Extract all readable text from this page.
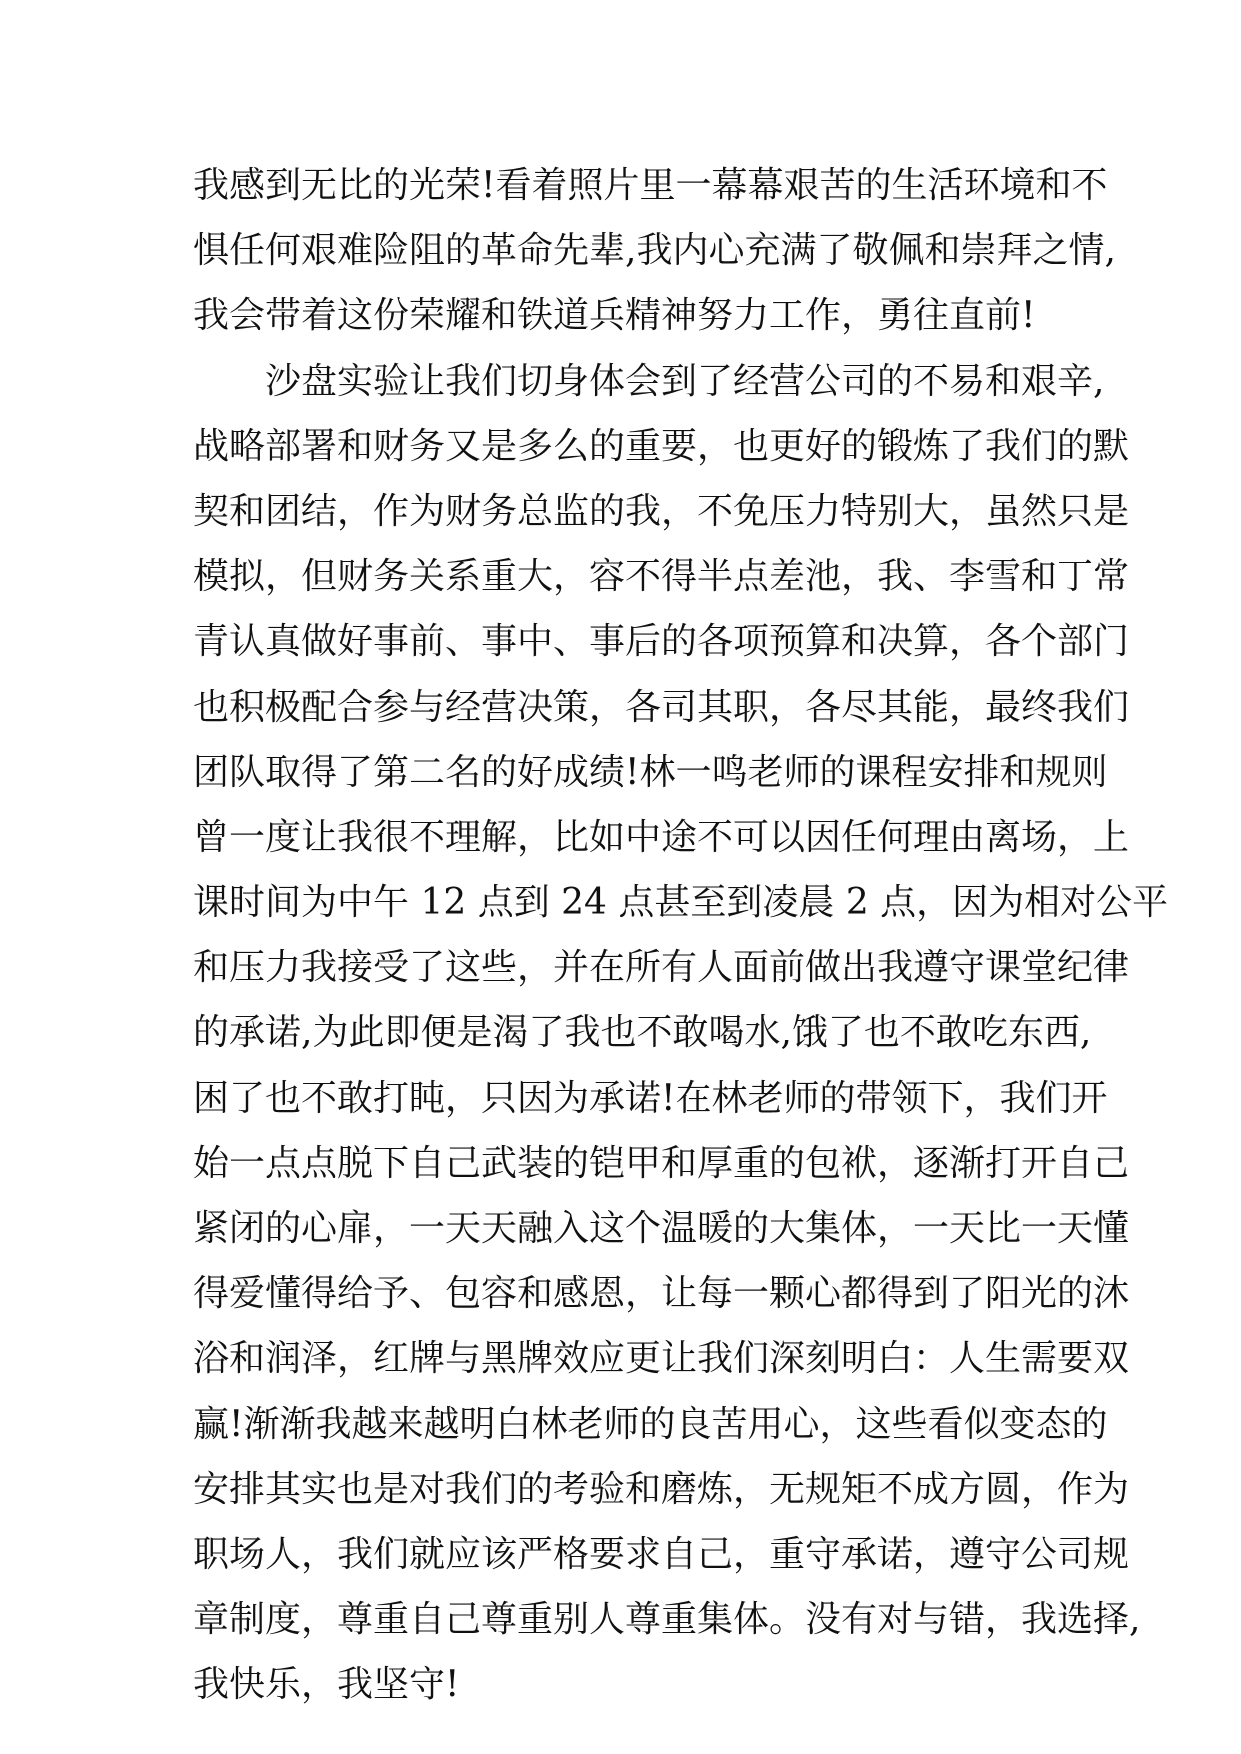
我感到无比的光荣!看着照片里一幕幕艰苦的生活环境和不
惧任何艰难险阻的革命先辈,我内心充满了敬佩和崇拜之情,
我会带着这份荣耀和铁道兵精神努力工作，勇往直前!
沙盘实验让我们切身体会到了经营公司的不易和艰辛,
战略部署和财务又是多么的重要，也更好的锻炼了我们的默
契和团结，作为财务总监的我，不免压力特别大，虽然只是
模拟，但财务关系重大，容不得半点差池，我、李雪和丁常
青认真做好事前、事中、事后的各项预算和决算，各个部门
也积极配合参与经营决策，各司其职，各尽其能，最终我们
团队取得了第二名的好成绩!林一鸣老师的课程安排和规则
曾一度让我很不理解，比如中途不可以因任何理由离场，上
课时间为中午 12 点到 24 点甚至到凌晨 2 点，因为相对公平
和压力我接受了这些，并在所有人面前做出我遵守课堂纪律
的承诺,为此即便是渴了我也不敢喝水,饿了也不敢吃东西,
困了也不敢打盹，只因为承诺!在林老师的带领下，我们开
始一点点脱下自己武装的铠甲和厚重的包袱，逐渐打开自己
紧闭的心扉，一天天融入这个温暖的大集体，一天比一天懂
得爱懂得给予、包容和感恩，让每一颗心都得到了阳光的沐
浴和润泽，红牌与黑牌效应更让我们深刻明白：人生需要双
赢!渐渐我越来越明白林老师的良苦用心，这些看似变态的
安排其实也是对我们的考验和磨炼，无规矩不成方圆，作为
职场人，我们就应该严格要求自己，重守承诺，遵守公司规
章制度，尊重自己尊重别人尊重集体。没有对与错，我选择,
我快乐，我坚守!
